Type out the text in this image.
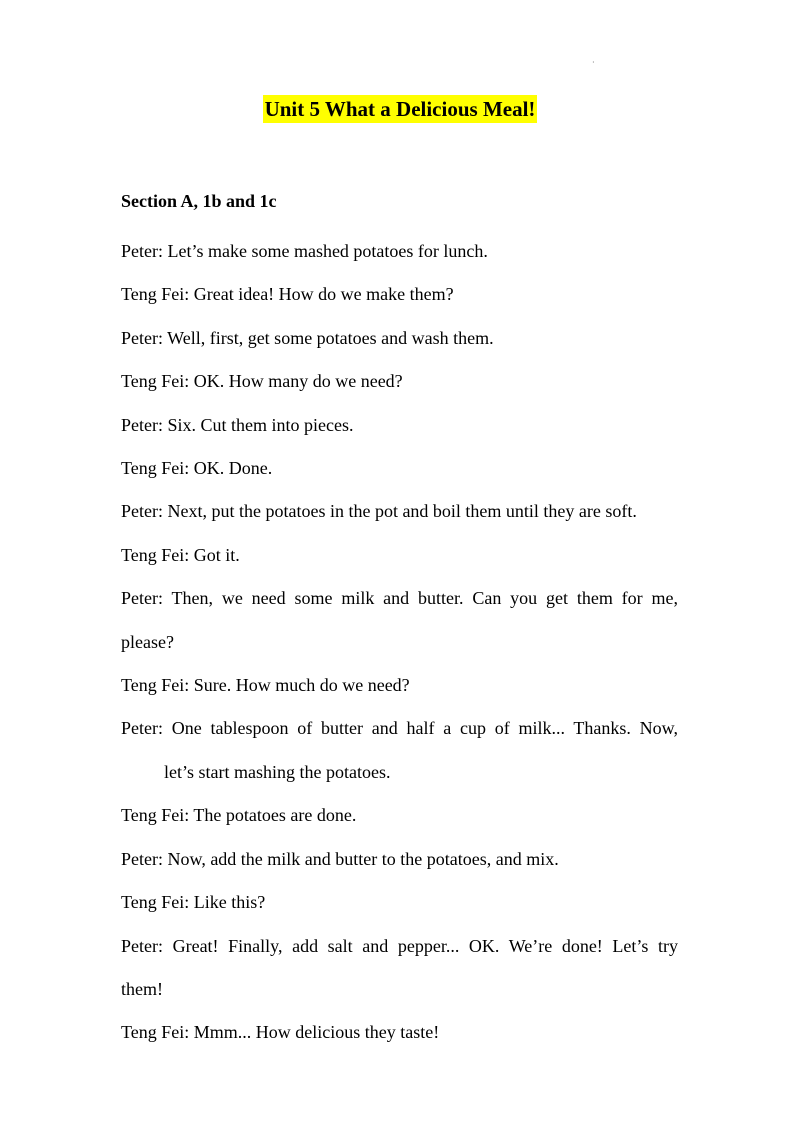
·
Unit 5 What a Delicious Meal!
Section A, 1b and 1c

Peter: Let’s make some mashed potatoes for lunch.

Teng Fei: Great idea! How do we make them?

Peter: Well, first, get some potatoes and wash them.

Teng Fei: OK. How many do we need?

Peter: Six. Cut them into pieces.

Teng Fei: OK. Done.

Peter: Next, put the potatoes in the pot and boil them until they are soft.

Teng Fei: Got it.

Peter: Then, we need some milk and butter. Can you get them for me,

please?

Teng Fei: Sure. How much do we need?

Peter: One tablespoon of butter and half a cup of milk... Thanks. Now,

let’s start mashing the potatoes.

Teng Fei: The potatoes are done.

Peter: Now, add the milk and butter to the potatoes, and mix.

Teng Fei: Like this?

Peter: Great! Finally, add salt and pepper... OK. We’re done! Let’s try

them!

Teng Fei: Mmm... How delicious they taste!
